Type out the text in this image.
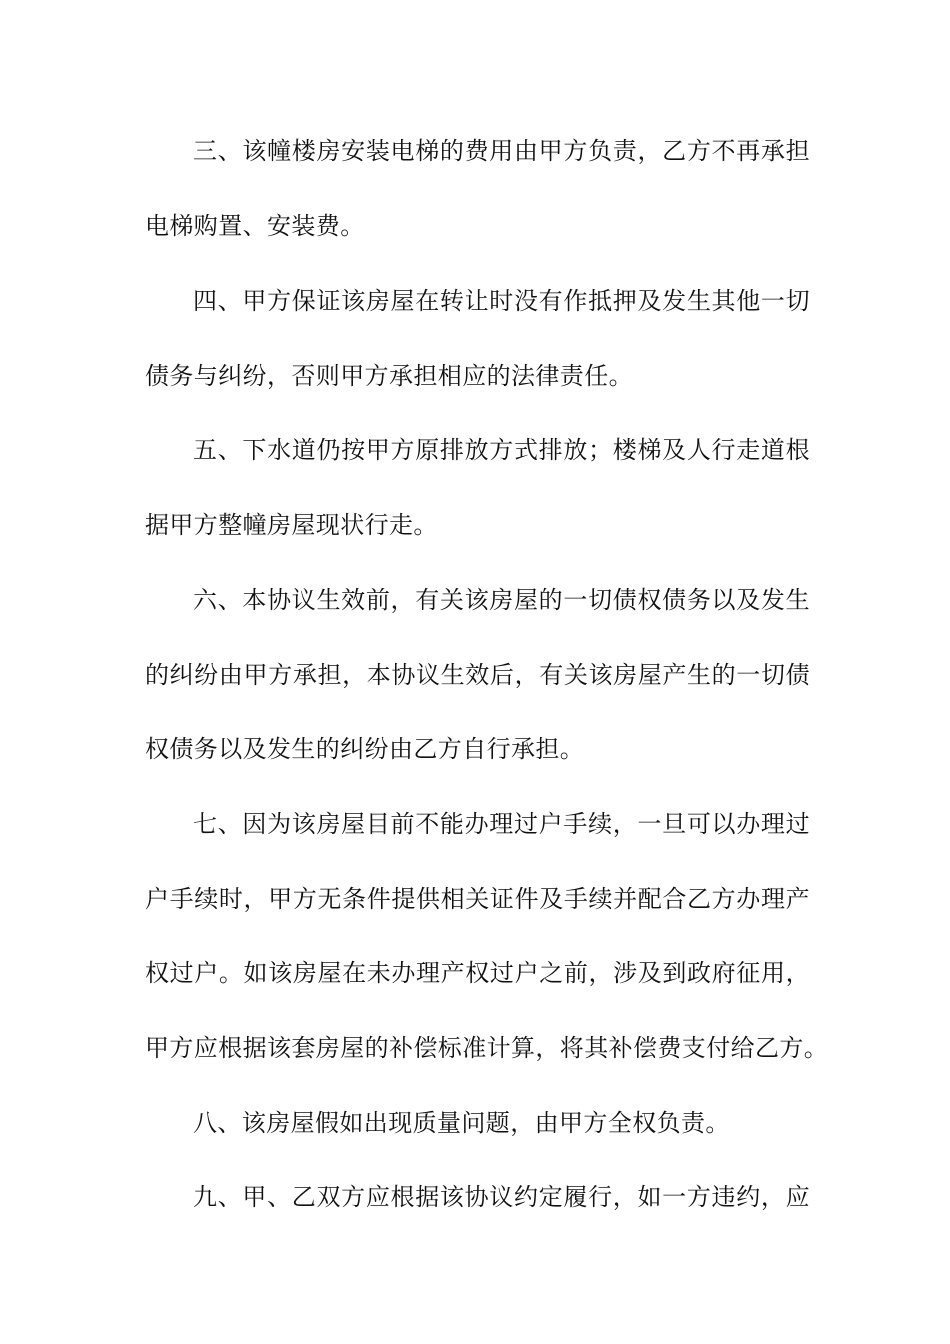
三、该幢楼房安装电梯的费用由甲方负责，乙方不再承担
电梯购置、安装费。
四、甲方保证该房屋在转让时没有作抵押及发生其他一切
债务与纠纷，否则甲方承担相应的法律责任。
五、下水道仍按甲方原排放方式排放；楼梯及人行走道根
据甲方整幢房屋现状行走。
六、本协议生效前，有关该房屋的一切债权债务以及发生
的纠纷由甲方承担，本协议生效后，有关该房屋产生的一切债
权债务以及发生的纠纷由乙方自行承担。
七、因为该房屋目前不能办理过户手续，一旦可以办理过
户手续时，甲方无条件提供相关证件及手续并配合乙方办理产
权过户。如该房屋在未办理产权过户之前，涉及到政府征用，
甲方应根据该套房屋的补偿标准计算，将其补偿费支付给乙方。
八、该房屋假如出现质量问题，由甲方全权负责。
九、甲、乙双方应根据该协议约定履行，如一方违约，应
